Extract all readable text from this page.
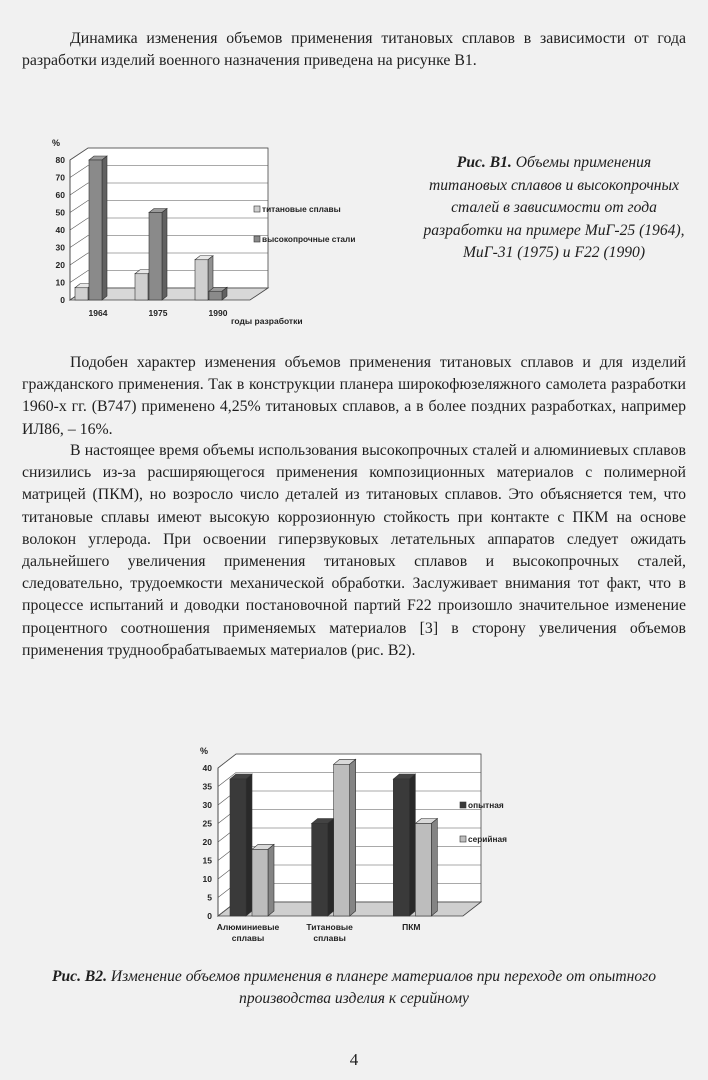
Динамика изменения объемов применения титановых сплавов в зависимости от года разработки изделий военного назначения приведена на рисунке В1.

0
10
20
30
40
50
60
70
80
%
1964	1975	1990
годы разработки
титановые сплавы
высокопрочные стали
Рис. В1. Объемы применения титановых сплавов и высокопрочных сталей в зависимости от года разработки на примере МиГ-25 (1964), МиГ-31 (1975) и F22 (1990)

Подобен характер изменения объемов применения титановых сплавов и для изделий гражданского применения. Так в конструкции планера широкофюзеляжного самолета разработки 1960-х гг. (В747) применено 4,25% титановых сплавов, а в более поздних разработках, например ИЛ86, – 16%.

В настоящее время объемы использования высокопрочных сталей и алюминиевых сплавов снизились из-за расширяющегося применения композиционных материалов с полимерной матрицей (ПКМ), но возросло число деталей из титановых сплавов. Это объясняется тем, что титановые сплавы имеют высокую коррозионную стойкость при контакте с ПКМ на основе волокон углерода. При освоении гиперзвуковых летательных аппаратов следует ожидать дальнейшего увеличения применения титановых сплавов и высокопрочных сталей, следовательно, трудоемкости механической обработки. Заслуживает внимания тот факт, что в процессе испытаний и доводки постановочной партий F22 произошло значительное изменение процентного соотношения применяемых материалов [3] в сторону увеличения объемов применения труднообрабатываемых материалов (рис. В2).

0
5
10
15
20
25
30
35
40
%
Алюминиевые сплавы
Титановые сплавы
ПКМ
опытная
серийная
Рис. В2. Изменение объемов применения в планере материалов при переходе от опытного производства изделия к серийному
4
